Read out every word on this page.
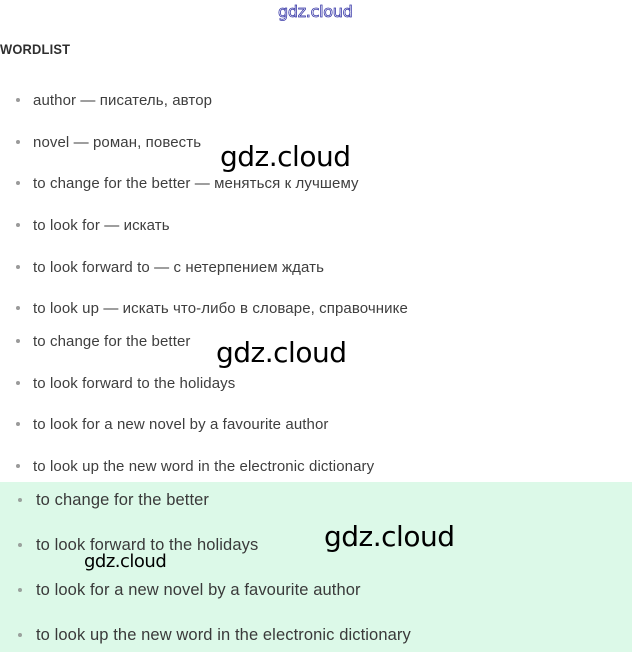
gdz.cloud
WORDLIST
author — писатель, автор
novel — роман, повесть
to change for the better — меняться к лучшему
to look for — искать
to look forward to — с нетерпением ждать
to look up — искать что-либо в словаре, справочнике
to change for the better
to look forward to the holidays
to look for a new novel by a favourite author
to look up the new word in the electronic dictionary
to change for the better
to look forward to the holidays
to look for a new novel by a favourite author
to look up the new word in the electronic dictionary
gdz.cloud
gdz.cloud
gdz.cloud
gdz.cloud
